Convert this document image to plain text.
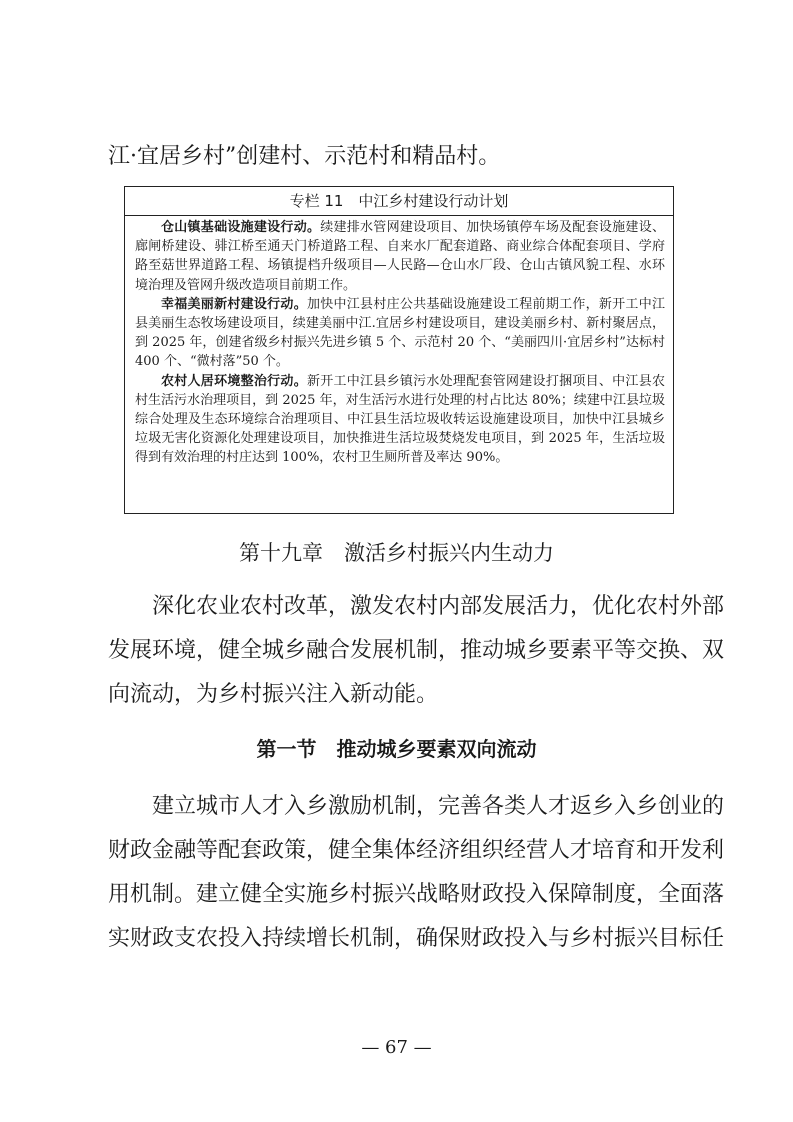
江·宜居乡村”创建村、示范村和精品村。
专栏 11　中江乡村建设行动计划

仓山镇基础设施建设行动。续建排水管网建设项目、加快场镇停车场及配套设施建设、廊闸桥建设、𬴂江桥至通天门桥道路工程、自来水厂配套道路、商业综合体配套项目、学府路至菇世界道路工程、场镇提档升级项目—人民路—仓山水厂段、仓山古镇风貌工程、水环境治理及管网升级改造项目前期工作。

幸福美丽新村建设行动。加快中江县村庄公共基础设施建设工程前期工作，新开工中江县美丽生态牧场建设项目，续建美丽中江.宜居乡村建设项目，建设美丽乡村、新村聚居点，到 2025 年，创建省级乡村振兴先进乡镇 5 个、示范村 20 个、“美丽四川·宜居乡村”达标村 400 个、“微村落”50 个。

农村人居环境整治行动。新开工中江县乡镇污水处理配套管网建设打捆项目、中江县农村生活污水治理项目，到 2025 年，对生活污水进行处理的村占比达 80%；续建中江县垃圾综合处理及生态环境综合治理项目、中江县生活垃圾收转运设施建设项目，加快中江县城乡垃圾无害化资源化处理建设项目，加快推进生活垃圾焚烧发电项目，到 2025 年，生活垃圾得到有效治理的村庄达到 100%，农村卫生厕所普及率达 90%。

第十九章　激活乡村振兴内生动力
　　深化农业农村改革，激发农村内部发展活力，优化农村外部
发展环境，健全城乡融合发展机制，推动城乡要素平等交换、双
向流动，为乡村振兴注入新动能。
第一节　推动城乡要素双向流动
　　建立城市人才入乡激励机制，完善各类人才返乡入乡创业的
财政金融等配套政策，健全集体经济组织经营人才培育和开发利
用机制。建立健全实施乡村振兴战略财政投入保障制度，全面落
实财政支农投入持续增长机制，确保财政投入与乡村振兴目标任
— 67 —
